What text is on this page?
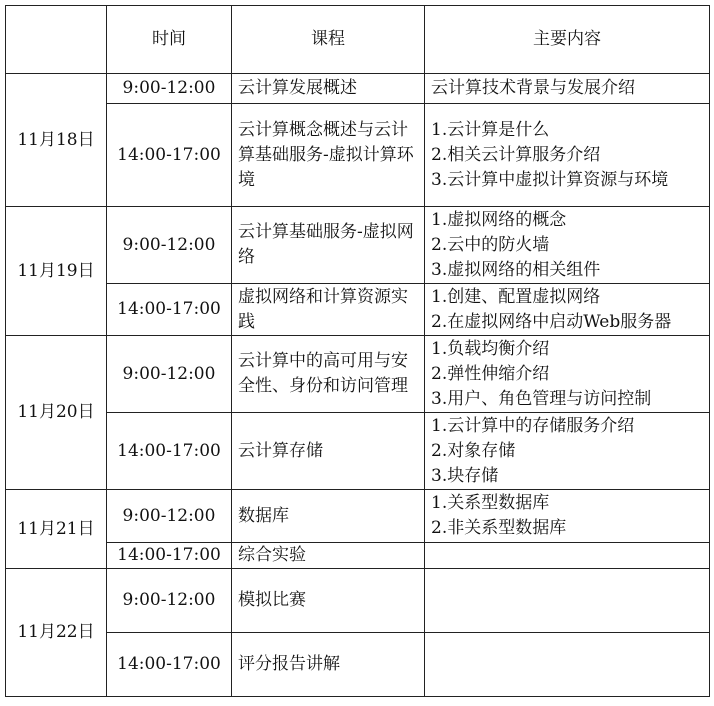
	时间	课程	主要内容
11月18日	9:00-12:00	云计算发展概述	云计算技术背景与发展介绍

	14:00-17:00	云计算概念概述与云计算基础服务-虚拟计算环境	1.云计算是什么
2.相关云计算服务介绍
3.云计算中虚拟计算资源与环境

11月19日	9:00-12:00	云计算基础服务-虚拟网络	1.虚拟网络的概念
2.云中的防火墙
3.虚拟网络的相关组件

	14:00-17:00	虚拟网络和计算资源实践	1.创建、配置虚拟网络
2.在虚拟网络中启动Web服务器

11月20日	9:00-12:00	云计算中的高可用与安全性、身份和访问管理	1.负载均衡介绍
2.弹性伸缩介绍
3.用户、角色管理与访问控制

	14:00-17:00	云计算存储	1.云计算中的存储服务介绍
2.对象存储
3.块存储

11月21日	9:00-12:00	数据库	1.关系型数据库
2.非关系型数据库

	14:00-17:00	综合实验	
11月22日	9:00-12:00	模拟比赛	
	14:00-17:00	评分报告讲解	
